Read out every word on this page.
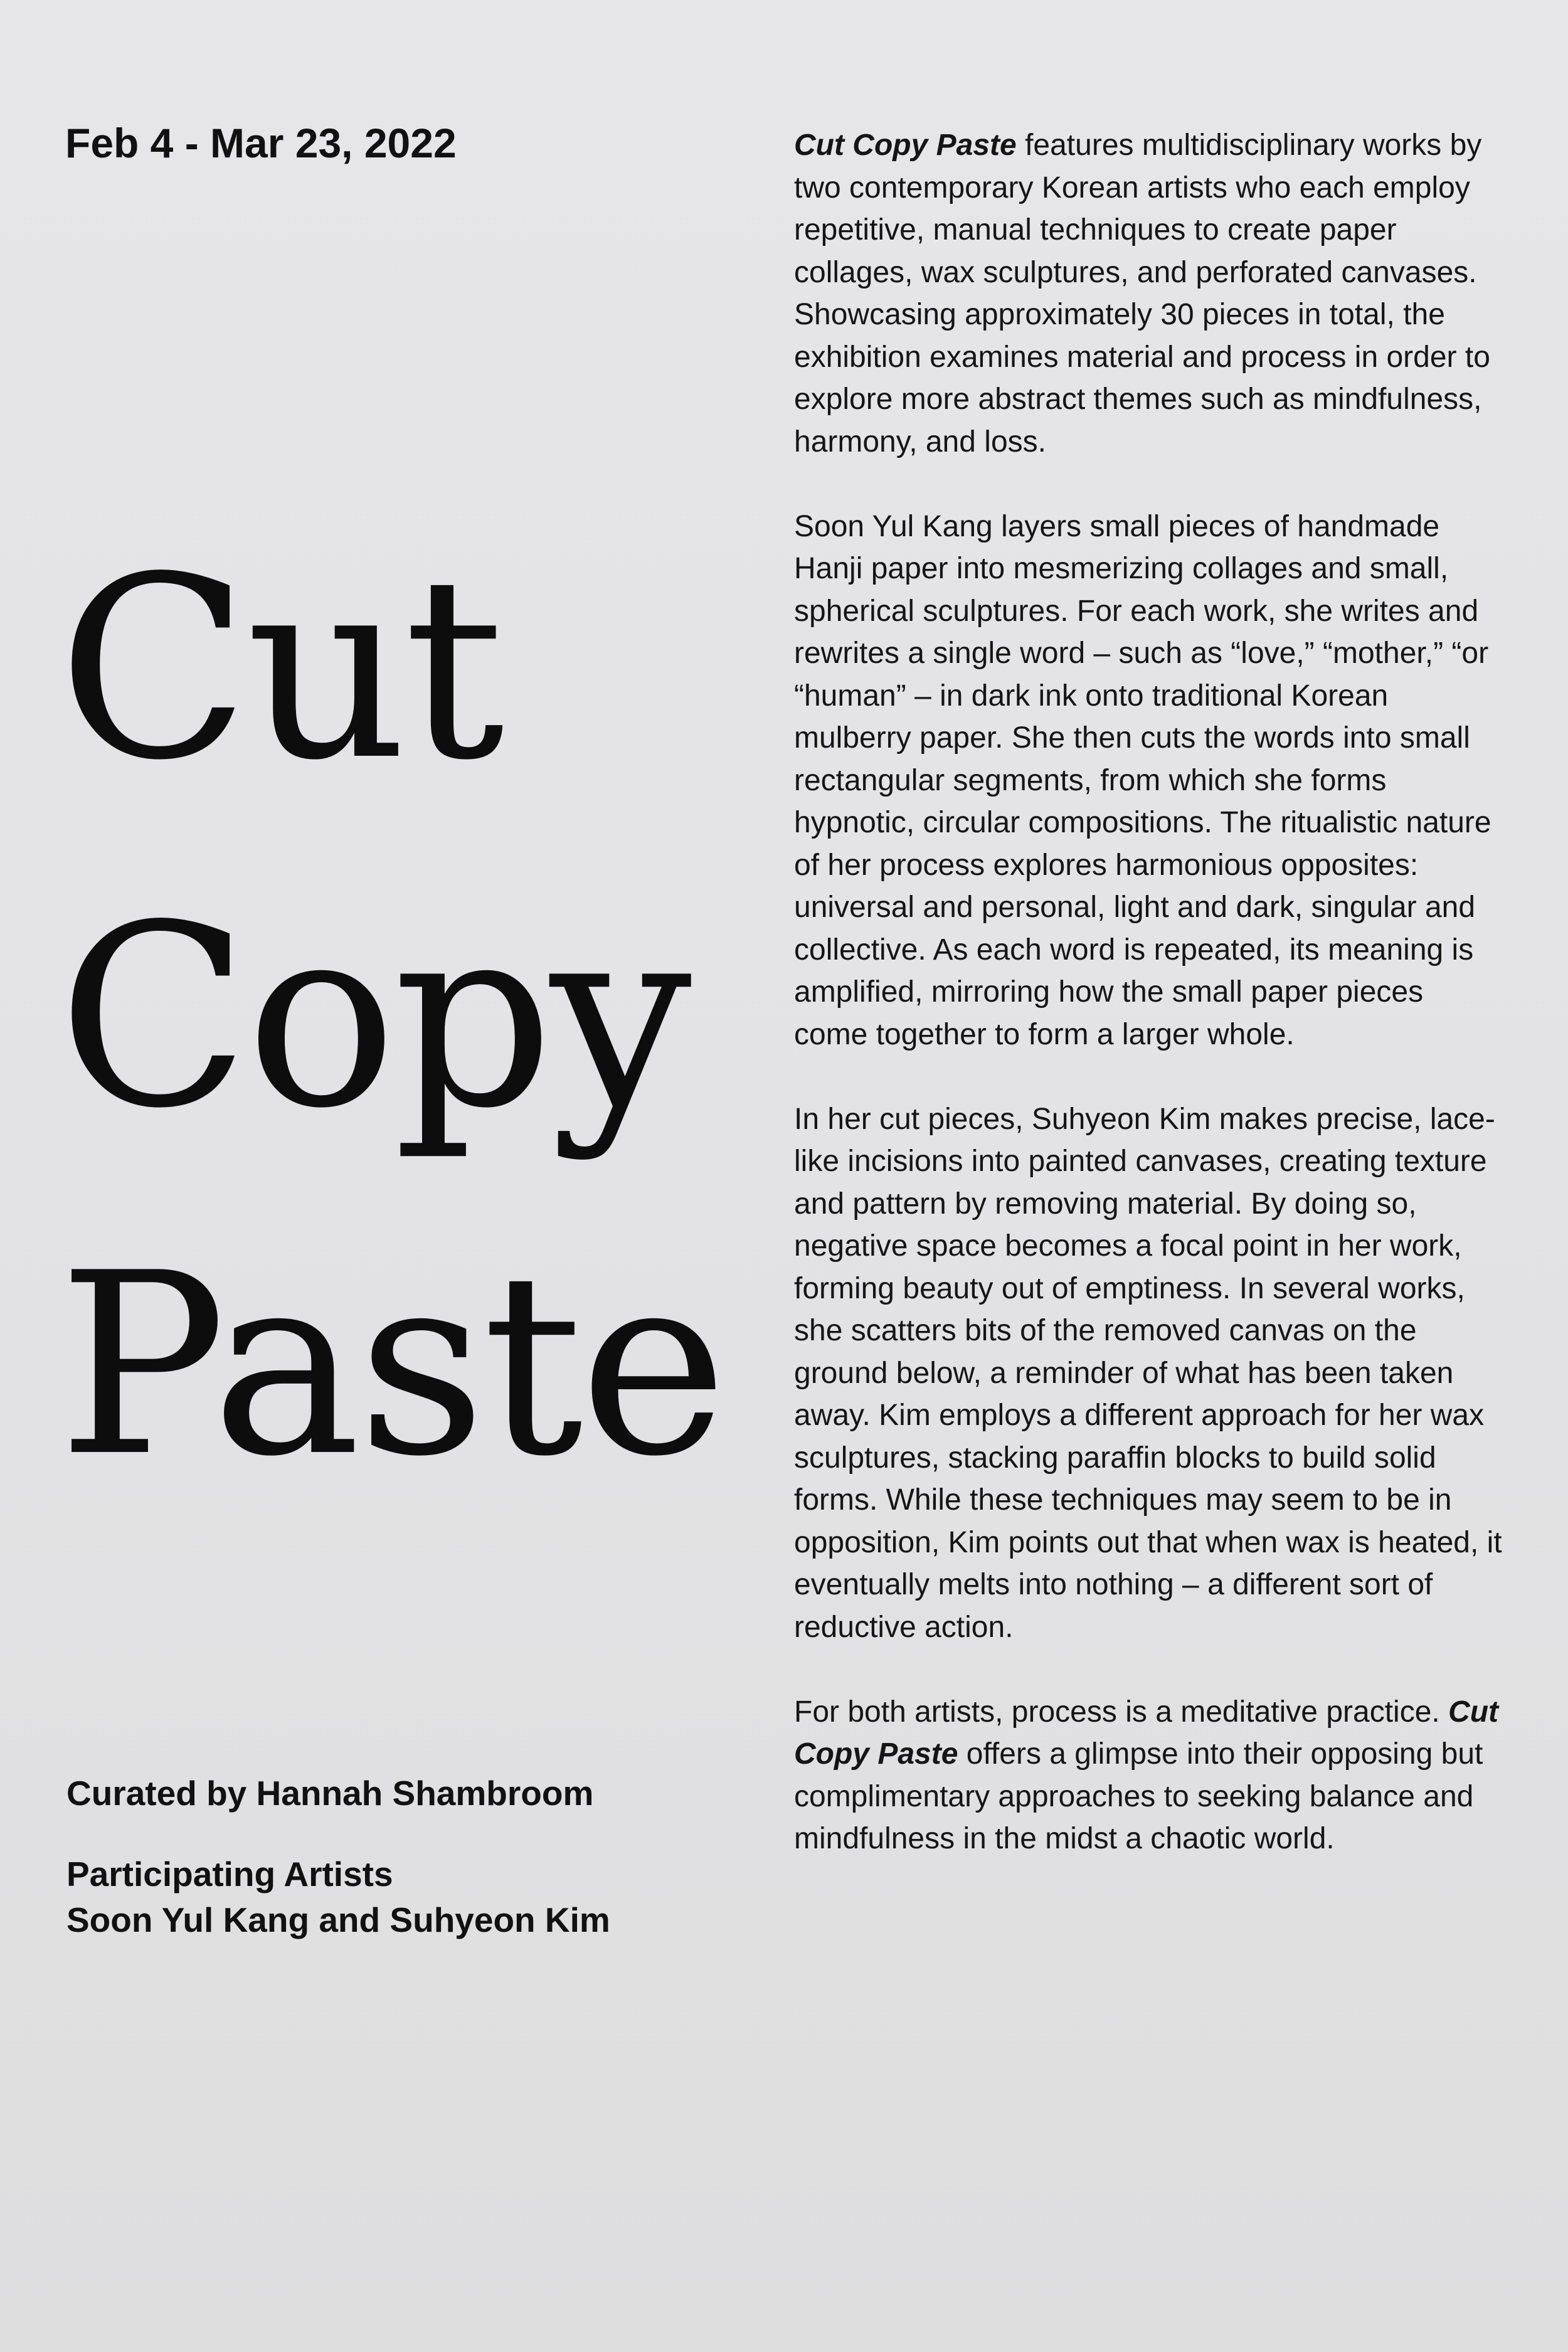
Feb 4 - Mar 23, 2022
Cut
Copy
Paste
Curated by Hannah Shambroom
Participating Artists
Soon Yul Kang and Suhyeon Kim

Cut Copy Paste features multidisciplinary works by two contemporary Korean artists who each employ repetitive, manual techniques to create paper collages, wax sculptures, and perforated canvases. Showcasing approximately 30 pieces in total, the exhibition examines material and process in order to explore more abstract themes such as mindfulness, harmony, and loss.

Soon Yul Kang layers small pieces of handmade Hanji paper into mesmerizing collages and small, spherical sculptures. For each work, she writes and rewrites a single word – such as “love,” “mother,” “or “human” – in dark ink onto traditional Korean mulberry paper. She then cuts the words into small rectangular segments, from which she forms hypnotic, circular compositions. The ritualistic nature of her process explores harmonious opposites: universal and personal, light and dark, singular and collective. As each word is repeated, its meaning is amplified, mirroring how the small paper pieces come together to form a larger whole.

In her cut pieces, Suhyeon Kim makes precise, lace-like incisions into painted canvases, creating texture and pattern by removing material. By doing so, negative space becomes a focal point in her work, forming beauty out of emptiness. In several works, she scatters bits of the removed canvas on the ground below, a reminder of what has been taken away. Kim employs a different approach for her wax sculptures, stacking paraffin blocks to build solid forms. While these techniques may seem to be in opposition, Kim points out that when wax is heated, it eventually melts into nothing – a different sort of reductive action.

For both artists, process is a meditative practice. Cut Copy Paste offers a glimpse into their opposing but complimentary approaches to seeking balance and mindfulness in the midst a chaotic world.
